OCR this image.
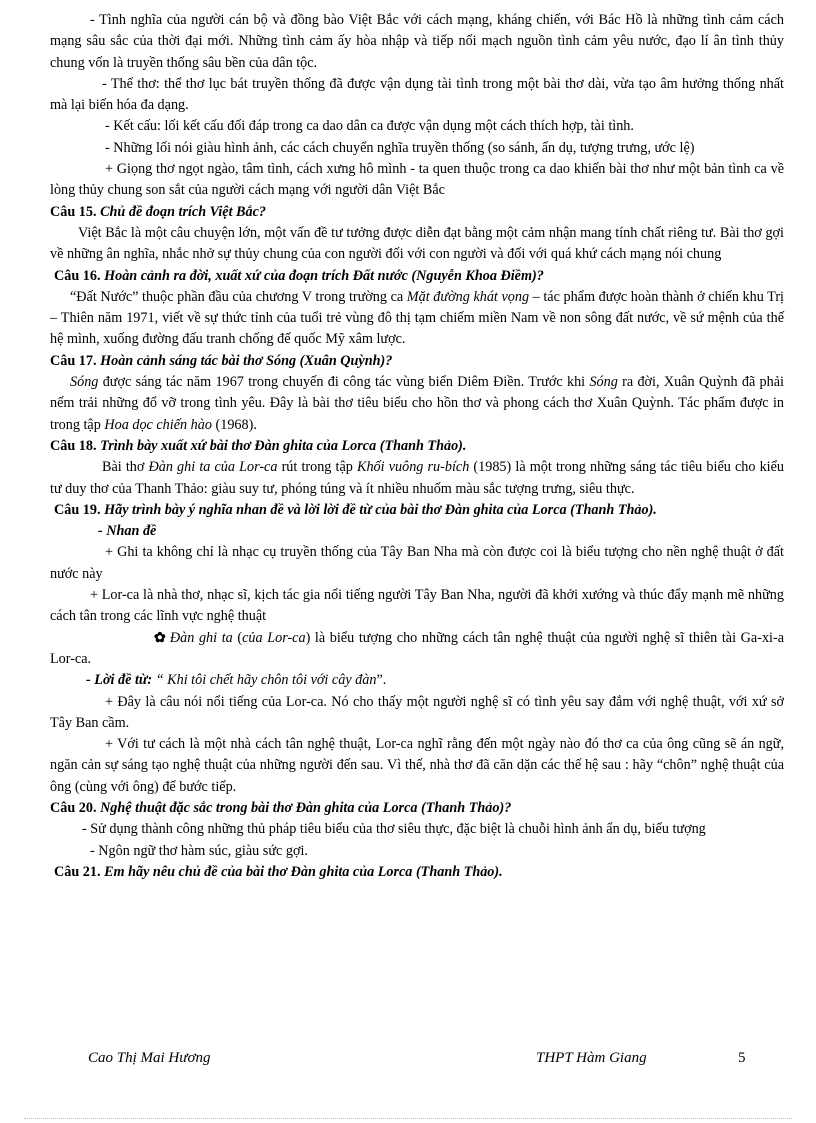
- Tình nghĩa của người cán bộ và đồng bào Việt Bắc với cách mạng, kháng chiến, với Bác Hồ là những tình cảm cách mạng sâu sắc của thời đại mới. Những tình cảm ấy hòa nhập và tiếp nối mạch nguồn tình cảm yêu nước, đạo lí ân tình thủy chung vốn là truyền thống sâu bền của dân tộc.

- Thể thơ: thể thơ lục bát truyền thống đã được vận dụng tài tình trong một bài thơ dài, vừa tạo âm hưởng thống nhất mà lại biến hóa đa dạng.

- Kết cấu: lối kết cấu đối đáp trong ca dao dân ca được vận dụng một cách thích hợp, tài tình.

- Những lối nói giàu hình ảnh, các cách chuyển nghĩa truyền thống (so sánh, ẩn dụ, tượng trưng, ước lệ)

+ Giọng thơ ngọt ngào, tâm tình, cách xưng hô mình - ta quen thuộc trong ca dao khiến bài thơ như một bản tình ca về lòng thủy chung son sắt của người cách mạng với người dân Việt Bắc

Câu 15. Chủ đề đoạn trích Việt Bắc?

Việt Bắc là một câu chuyện lớn, một vấn đề tư tưởng được diễn đạt bằng một cảm nhận mang tính chất riêng tư. Bài thơ gợi về những ân nghĩa, nhắc nhở sự thủy chung của con người đối với con người và đối với quá khứ cách mạng nói chung

Câu 16. Hoàn cảnh ra đời, xuất xứ của đoạn trích Đất nước (Nguyễn Khoa Điềm)?

“Đất Nước” thuộc phần đầu của chương V trong trường ca Mặt đường khát vọng – tác phẩm được hoàn thành ở chiến khu Trị – Thiên năm 1971, viết về sự thức tỉnh của tuổi trẻ vùng đô thị tạm chiếm miền Nam về non sông đất nước, về sứ mệnh của thế hệ mình, xuống đường đấu tranh chống đế quốc Mỹ xâm lược.

Câu 17. Hoàn cảnh sáng tác bài thơ Sóng (Xuân Quỳnh)?

Sóng được sáng tác năm 1967 trong chuyến đi công tác vùng biển Diêm Điền. Trước khi Sóng ra đời, Xuân Quỳnh đã phải nếm trải những đổ vỡ trong tình yêu. Đây là bài thơ tiêu biểu cho hồn thơ và phong cách thơ Xuân Quỳnh. Tác phẩm được in trong tập Hoa dọc chiến hào (1968).

Câu 18. Trình bày xuất xứ bài thơ Đàn ghita của Lorca (Thanh Thảo).

Bài thơ Đàn ghi ta của Lor-ca rút trong tập Khối vuông ru-bích (1985) là một trong những sáng tác tiêu biểu cho kiểu tư duy thơ của Thanh Thảo: giàu suy tư, phóng túng và ít nhiều nhuốm màu sắc tượng trưng, siêu thực.

Câu 19. Hãy trình bày ý nghĩa nhan đề và lời lời đề từ của bài thơ Đàn ghita của Lorca (Thanh Thảo).

- Nhan đề

+ Ghi ta không chỉ là nhạc cụ truyền thống của Tây Ban Nha mà còn được coi là biểu tượng cho nền nghệ thuật ở đất nước này

+ Lor-ca là nhà thơ, nhạc sĩ, kịch tác gia nổi tiếng người Tây Ban Nha, người đã khởi xướng và thúc đẩy mạnh mẽ những cách tân trong các lĩnh vực nghệ thuật

✿ Đàn ghi ta (của Lor-ca) là biểu tượng cho những cách tân nghệ thuật của người nghệ sĩ thiên tài Ga-xi-a Lor-ca.

- Lời đề từ: “ Khi tôi chết hãy chôn tôi với cây đàn”.

+ Đây là câu nói nổi tiếng của Lor-ca. Nó cho thấy một người nghệ sĩ có tình yêu say đắm với nghệ thuật, với xứ sở Tây Ban cầm.

+ Với tư cách là một nhà cách tân nghệ thuật, Lor-ca nghĩ rằng đến một ngày nào đó thơ ca của ông cũng sẽ án ngữ, ngăn cản sự sáng tạo nghệ thuật của những người đến sau. Vì thế, nhà thơ đã căn dặn các thế hệ sau : hãy “chôn” nghệ thuật của ông (cùng với ông) để bước tiếp.

Câu 20. Nghệ thuật đặc sắc trong bài thơ Đàn ghita của Lorca (Thanh Thảo)?

- Sử dụng thành công những thủ pháp tiêu biểu của thơ siêu thực, đặc biệt là chuỗi hình ảnh ẩn dụ, biểu tượng

- Ngôn ngữ thơ hàm súc, giàu sức gợi.

Câu 21. Em hãy nêu chủ đề của bài thơ Đàn ghita của Lorca (Thanh Thảo).

Cao Thị Mai Hương	THPT Hàm Giang	5
